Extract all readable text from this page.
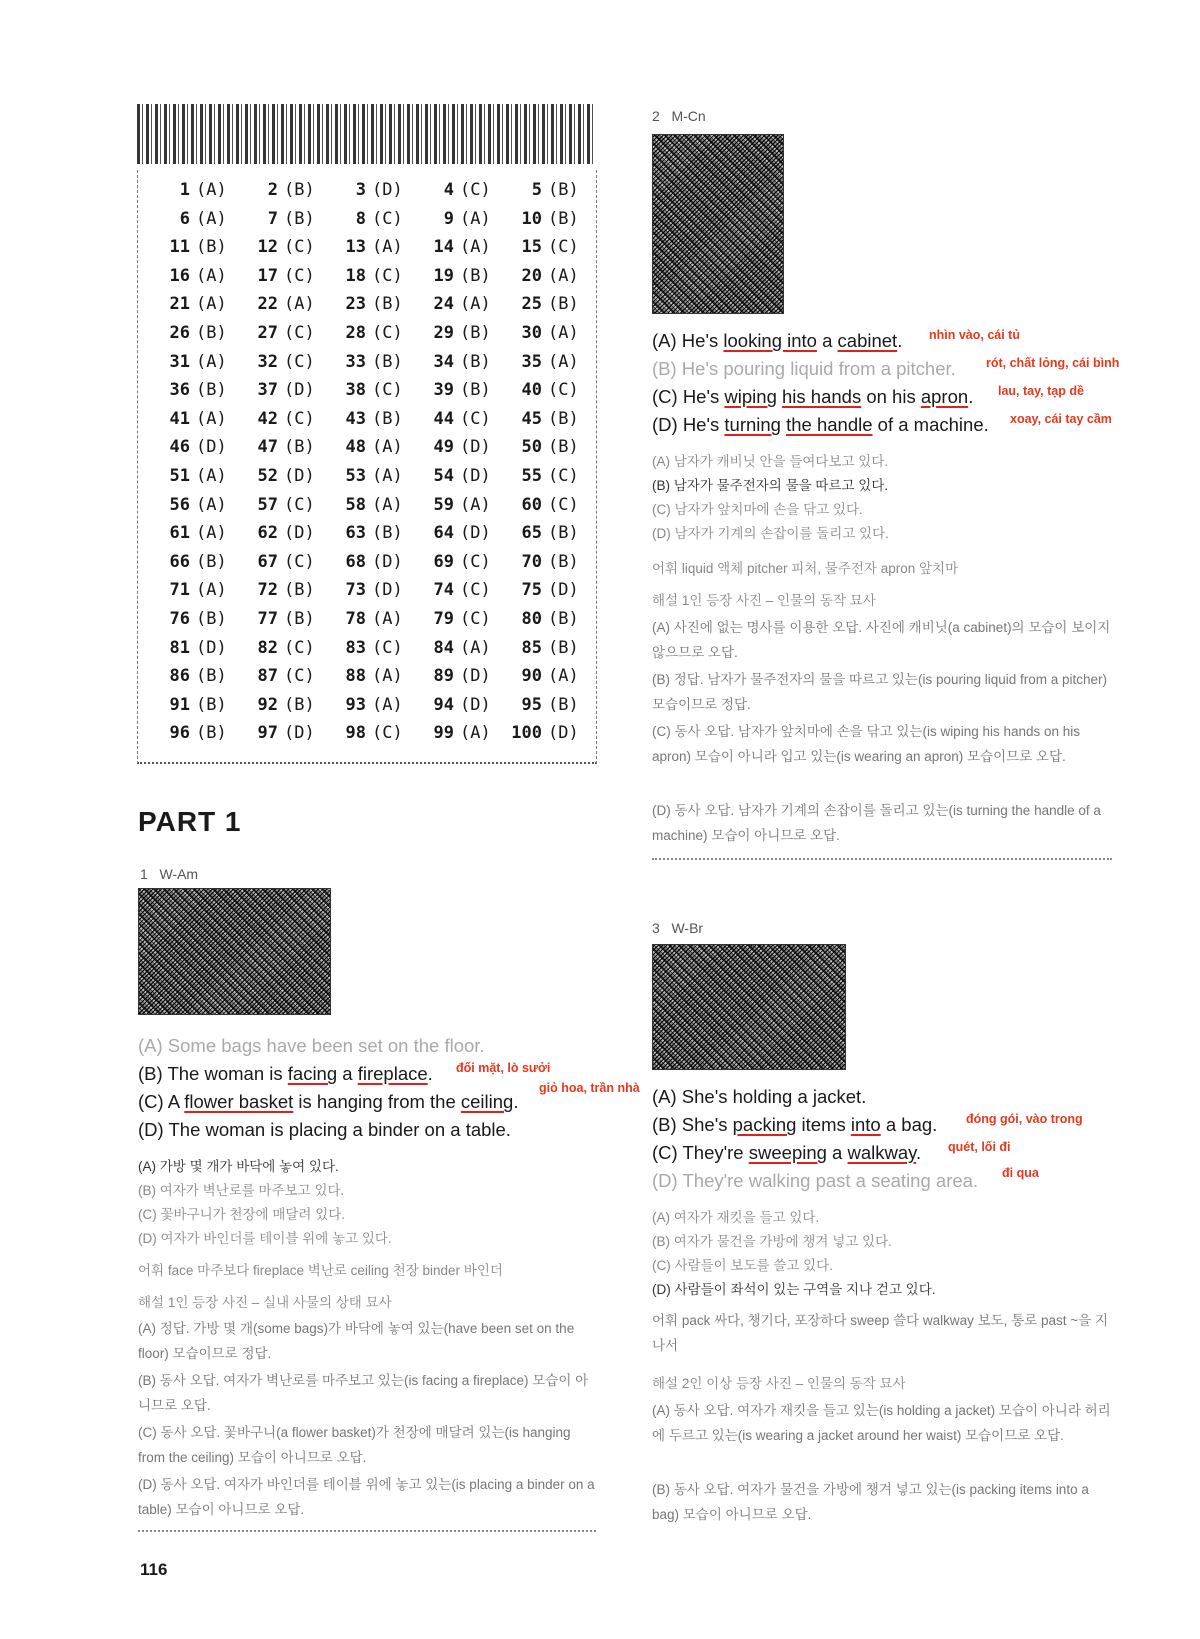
1 (A)	2 (B)	3 (D)	4 (C)	5 (B)
6 (A)	7 (B)	8 (C)	9 (A)	10 (B)
11 (B)	12 (C)	13 (A)	14 (A)	15 (C)
16 (A)	17 (C)	18 (C)	19 (B)	20 (A)
21 (A)	22 (A)	23 (B)	24 (A)	25 (B)
26 (B)	27 (C)	28 (C)	29 (B)	30 (A)
31 (A)	32 (C)	33 (B)	34 (B)	35 (A)
36 (B)	37 (D)	38 (C)	39 (B)	40 (C)
41 (A)	42 (C)	43 (B)	44 (C)	45 (B)
46 (D)	47 (B)	48 (A)	49 (D)	50 (B)
51 (A)	52 (D)	53 (A)	54 (D)	55 (C)
56 (A)	57 (C)	58 (A)	59 (A)	60 (C)
61 (A)	62 (D)	63 (B)	64 (D)	65 (B)
66 (B)	67 (C)	68 (D)	69 (C)	70 (B)
71 (A)	72 (B)	73 (D)	74 (C)	75 (D)
76 (B)	77 (B)	78 (A)	79 (C)	80 (B)
81 (D)	82 (C)	83 (C)	84 (A)	85 (B)
86 (B)	87 (C)	88 (A)	89 (D)	90 (A)
91 (B)	92 (B)	93 (A)	94 (D)	95 (B)
96 (B)	97 (D)	98 (C)	99 (A)	100 (D)
PART 1
1 W-Am
(A) Some bags have been set on the floor.
(B) The woman is facing a fireplace. đối mặt, lò sưởi
(C) A flower basket is hanging from the ceiling.
giỏ hoa, trần nhà
(D) The woman is placing a binder on a table.
(A) 가방 몇 개가 바닥에 놓여 있다.
(B) 여자가 벽난로를 마주보고 있다.
(C) 꽃바구니가 천장에 매달려 있다.
(D) 여자가 바인더를 테이블 위에 놓고 있다.
어휘 face 마주보다 fireplace 벽난로 ceiling 천장 binder 바인더
해설 1인 등장 사진 – 실내 사물의 상태 묘사
(A) 정답. 가방 몇 개(some bags)가 바닥에 놓여 있는(have been set on the floor) 모습이므로 정답.
(B) 동사 오답. 여자가 벽난로를 마주보고 있는(is facing a fireplace) 모습이 아니므로 오답.
(C) 동사 오답. 꽃바구니(a flower basket)가 천장에 매달려 있는(is hanging from the ceiling) 모습이 아니므로 오답.
(D) 동사 오답. 여자가 바인더를 테이블 위에 놓고 있는(is placing a binder on a table) 모습이 아니므로 오답.
116
2 M-Cn
(A) He's looking into a cabinet. nhìn vào, cái tủ
(B) He's pouring liquid from a pitcher. rót, chất lỏng, cái bình
(C) He's wiping his hands on his apron. lau, tay, tạp dề
(D) He's turning the handle of a machine. xoay, cái tay cầm
(A) 남자가 캐비닛 안을 들여다보고 있다.
(B) 남자가 물주전자의 물을 따르고 있다.
(C) 남자가 앞치마에 손을 닦고 있다.
(D) 남자가 기계의 손잡이를 돌리고 있다.
어휘 liquid 액체 pitcher 피처, 물주전자 apron 앞치마
해설 1인 등장 사진 – 인물의 동작 묘사
(A) 사진에 없는 명사를 이용한 오답. 사진에 캐비닛(a cabinet)의 모습이 보이지 않으므로 오답.
(B) 정답. 남자가 물주전자의 물을 따르고 있는(is pouring liquid from a pitcher) 모습이므로 정답.
(C) 동사 오답. 남자가 앞치마에 손을 닦고 있는(is wiping his hands on his apron) 모습이 아니라 입고 있는(is wearing an apron) 모습이므로 오답.
(D) 동사 오답. 남자가 기계의 손잡이를 돌리고 있는(is turning the handle of a machine) 모습이 아니므로 오답.
3 W-Br
(A) She's holding a jacket.
(B) She's packing items into a bag. đóng gói, vào trong
(C) They're sweeping a walkway. quét, lối đi
(D) They're walking past a seating area. đi qua
(A) 여자가 재킷을 들고 있다.
(B) 여자가 물건을 가방에 챙겨 넣고 있다.
(C) 사람들이 보도를 쓸고 있다.
(D) 사람들이 좌석이 있는 구역을 지나 걷고 있다.
어휘 pack 싸다, 챙기다, 포장하다 sweep 쓸다 walkway 보도, 통로 past ~을 지나서
해설 2인 이상 등장 사진 – 인물의 동작 묘사
(A) 동사 오답. 여자가 재킷을 들고 있는(is holding a jacket) 모습이 아니라 허리에 두르고 있는(is wearing a jacket around her waist) 모습이므로 오답.
(B) 동사 오답. 여자가 물건을 가방에 챙겨 넣고 있는(is packing items into a bag) 모습이 아니므로 오답.
